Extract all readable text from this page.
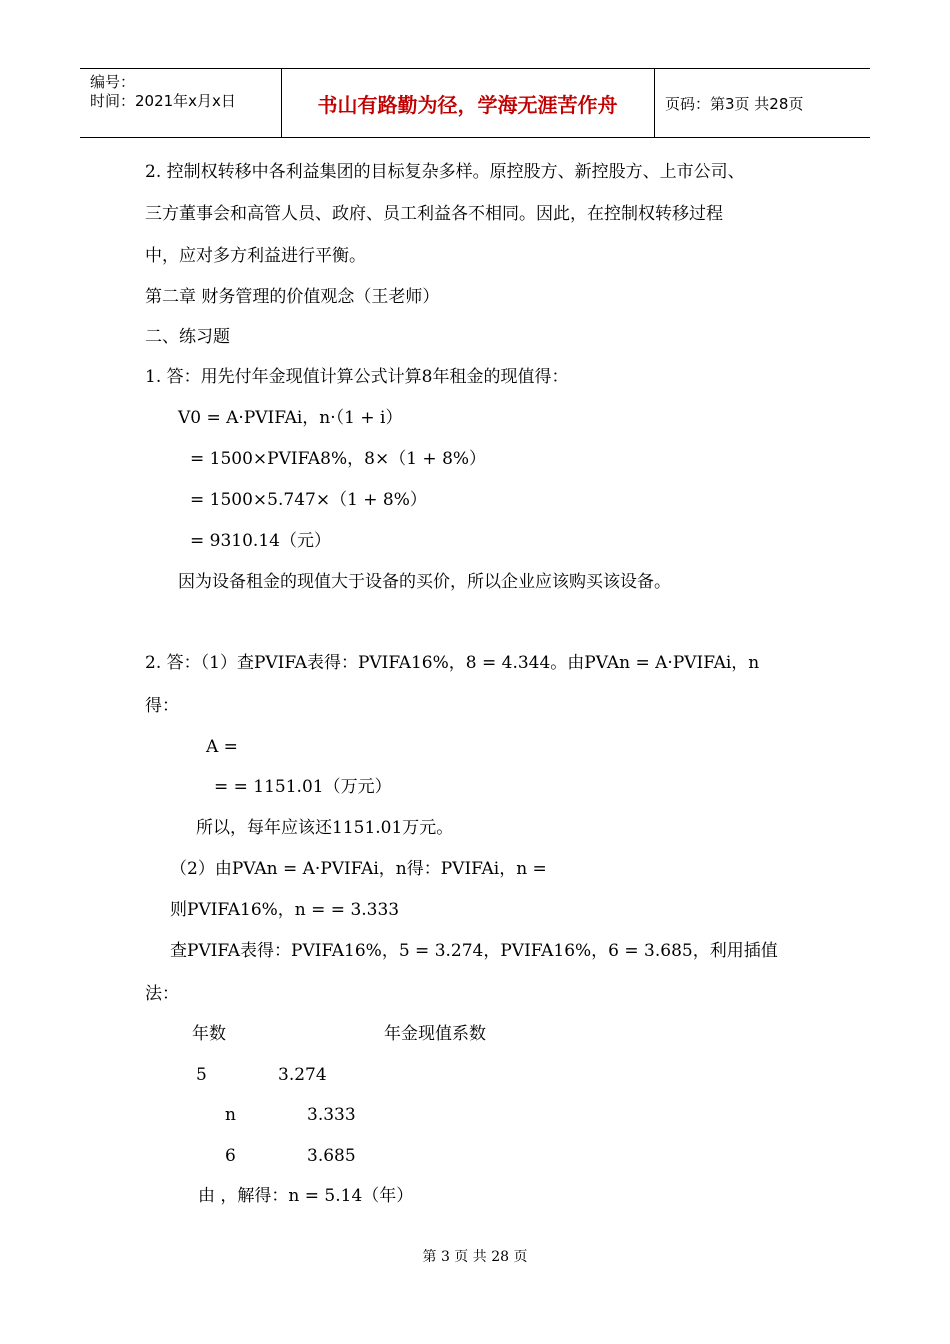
编号：
时间：2021年x月x日	书山有路勤为径，学海无涯苦作舟	页码：第3页 共28页
2. 控制权转移中各利益集团的目标复杂多样。原控股方、新控股方、上市公司、
三方董事会和高管人员、政府、员工利益各不相同。因此，在控制权转移过程
中，应对多方利益进行平衡。
第二章 财务管理的价值观念（王老师）
二、练习题
1. 答：用先付年金现值计算公式计算8年租金的现值得：
V0 = A·PVIFAi，n·（1 + i）
= 1500×PVIFA8%，8×（1 + 8%）
= 1500×5.747×（1 + 8%）
= 9310.14（元）
因为设备租金的现值大于设备的买价，所以企业应该购买该设备。
2. 答：（1）查PVIFA表得：PVIFA16%，8 = 4.344。由PVAn = A·PVIFAi，n
得：
A =
= = 1151.01（万元）
所以，每年应该还1151.01万元。
（2）由PVAn = A·PVIFAi，n得：PVIFAi，n =
则PVIFA16%，n = = 3.333
查PVIFA表得：PVIFA16%，5 = 3.274，PVIFA16%，6 = 3.685，利用插值
法：
年数	年金现值系数
5	3.274
n	3.333
6	3.685
由 ，解得：n = 5.14（年）
第 3 页 共 28 页
